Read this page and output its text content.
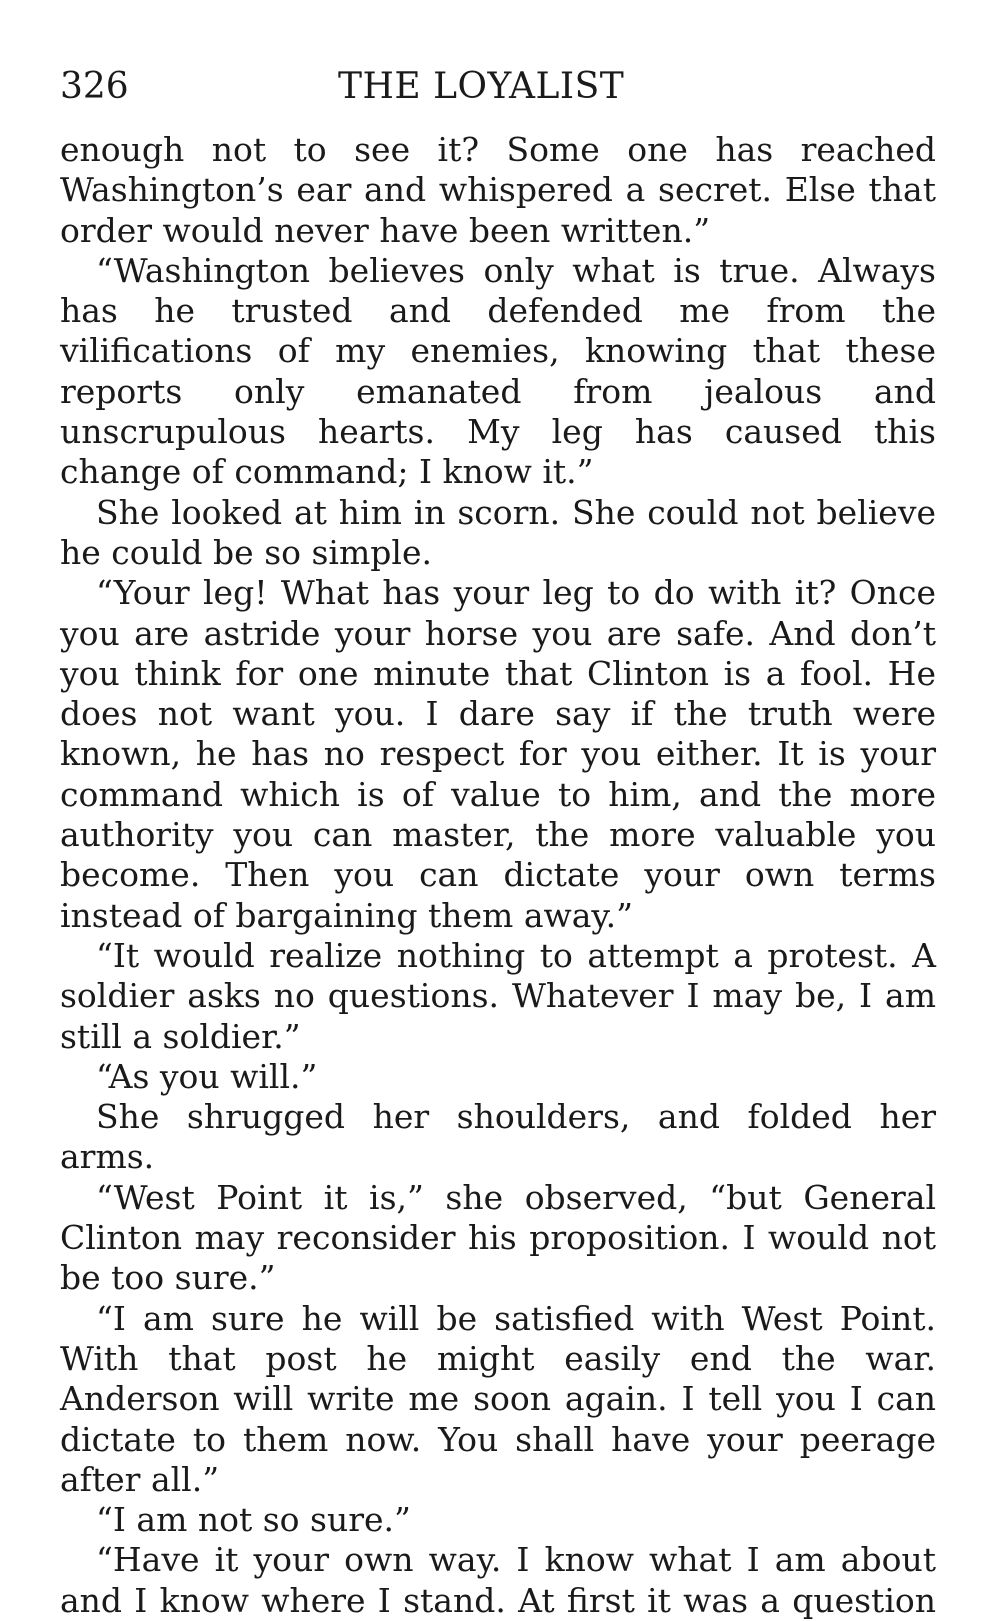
326	THE LOYALIST

enough not to see it? Some one has reached Washington’s ear and whispered a secret. Else that order would never have been written.”

“Washington believes only what is true. Always has he trusted and defended me from the vilifications of my enemies, knowing that these reports only emanated from jealous and unscrupulous hearts. My leg has caused this change of command; I know it.”

She looked at him in scorn. She could not believe he could be so simple.

“Your leg! What has your leg to do with it? Once you are astride your horse you are safe. And don’t you think for one minute that Clinton is a fool. He does not want you. I dare say if the truth were known, he has no respect for you either. It is your command which is of value to him, and the more authority you can master, the more valuable you become. Then you can dictate your own terms instead of bargaining them away.”

“It would realize nothing to attempt a protest. A soldier asks no questions. Whatever I may be, I am still a soldier.”

“As you will.”

She shrugged her shoulders, and folded her arms.

“West Point it is,” she observed, “but General Clinton may reconsider his proposition. I would not be too sure.”

“I am sure he will be satisfied with West Point. With that post he might easily end the war. Anderson will write me soon again. I tell you I can dictate to them now. You shall have your peerage after all.”

“I am not so sure.”

“Have it your own way. I know what I am about and I know where I stand. At first it was a question
